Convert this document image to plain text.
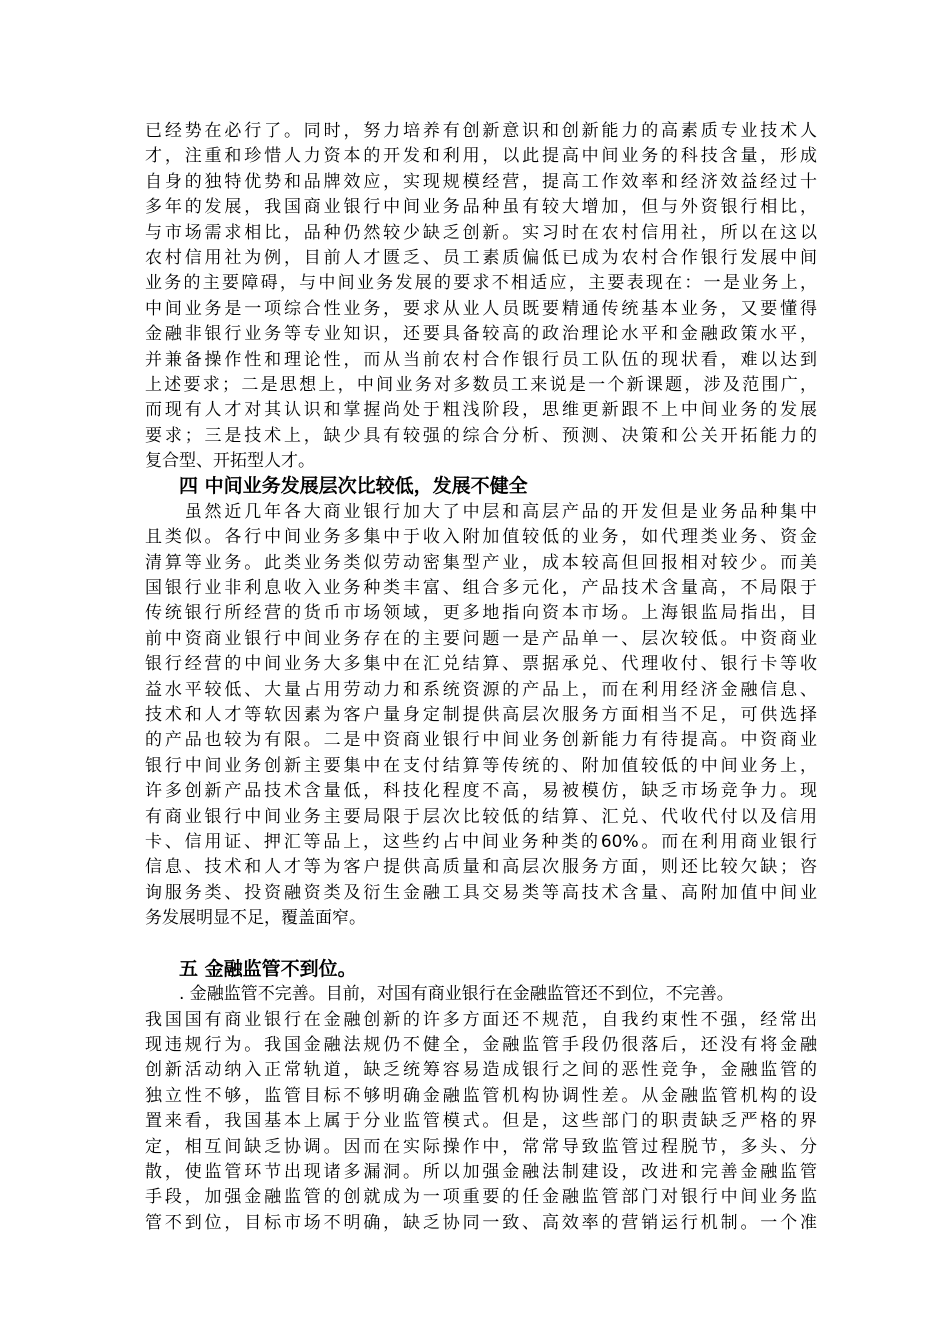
已经势在必行了。同时，努力培养有创新意识和创新能力的高素质专业技术人
才，注重和珍惜人力资本的开发和利用，以此提高中间业务的科技含量，形成
自身的独特优势和品牌效应，实现规模经营，提高工作效率和经济效益经过十
多年的发展，我国商业银行中间业务品种虽有较大增加，但与外资银行相比，
与市场需求相比，品种仍然较少缺乏创新。实习时在农村信用社，所以在这以
农村信用社为例，目前人才匮乏、员工素质偏低已成为农村合作银行发展中间
业务的主要障碍，与中间业务发展的要求不相适应，主要表现在：一是业务上，
中间业务是一项综合性业务，要求从业人员既要精通传统基本业务，又要懂得
金融非银行业务等专业知识，还要具备较高的政治理论水平和金融政策水平，
并兼备操作性和理论性，而从当前农村合作银行员工队伍的现状看，难以达到
上述要求；二是思想上，中间业务对多数员工来说是一个新课题，涉及范围广，
而现有人才对其认识和掌握尚处于粗浅阶段，思维更新跟不上中间业务的发展
要求；三是技术上，缺少具有较强的综合分析、预测、决策和公关开拓能力的
复合型、开拓型人才。
四 中间业务发展层次比较低，发展不健全
　　虽然近几年各大商业银行加大了中层和高层产品的开发但是业务品种集中
且类似。各行中间业务多集中于收入附加值较低的业务，如代理类业务、资金
清算等业务。此类业务类似劳动密集型产业，成本较高但回报相对较少。而美
国银行业非利息收入业务种类丰富、组合多元化，产品技术含量高，不局限于
传统银行所经营的货币市场领域，更多地指向资本市场。上海银监局指出，目
前中资商业银行中间业务存在的主要问题一是产品单一、层次较低。中资商业
银行经营的中间业务大多集中在汇兑结算、票据承兑、代理收付、银行卡等收
益水平较低、大量占用劳动力和系统资源的产品上，而在利用经济金融信息、
技术和人才等软因素为客户量身定制提供高层次服务方面相当不足，可供选择
的产品也较为有限。二是中资商业银行中间业务创新能力有待提高。中资商业
银行中间业务创新主要集中在支付结算等传统的、附加值较低的中间业务上，
许多创新产品技术含量低，科技化程度不高，易被模仿，缺乏市场竞争力。现
有商业银行中间业务主要局限于层次比较低的结算、汇兑、代收代付以及信用
卡、信用证、押汇等品上，这些约占中间业务种类的60%。而在利用商业银行
信息、技术和人才等为客户提供高质量和高层次服务方面，则还比较欠缺；咨
询服务类、投资融资类及衍生金融工具交易类等高技术含量、高附加值中间业
务发展明显不足，覆盖面窄。
五 金融监管不到位。
　　. 金融监管不完善。目前，对国有商业银行在金融监管还不到位，不完善。
我国国有商业银行在金融创新的许多方面还不规范，自我约束性不强，经常出
现违规行为。我国金融法规仍不健全，金融监管手段仍很落后，还没有将金融
创新活动纳入正常轨道，缺乏统筹容易造成银行之间的恶性竞争，金融监管的
独立性不够，监管目标不够明确金融监管机构协调性差。从金融监管机构的设
置来看，我国基本上属于分业监管模式。但是，这些部门的职责缺乏严格的界
定，相互间缺乏协调。因而在实际操作中，常常导致监管过程脱节，多头、分
散，使监管环节出现诸多漏洞。所以加强金融法制建设，改进和完善金融监管
手段，加强金融监管的创就成为一项重要的任金融监管部门对银行中间业务监
管不到位，目标市场不明确，缺乏协同一致、高效率的营销运行机制。一个准
